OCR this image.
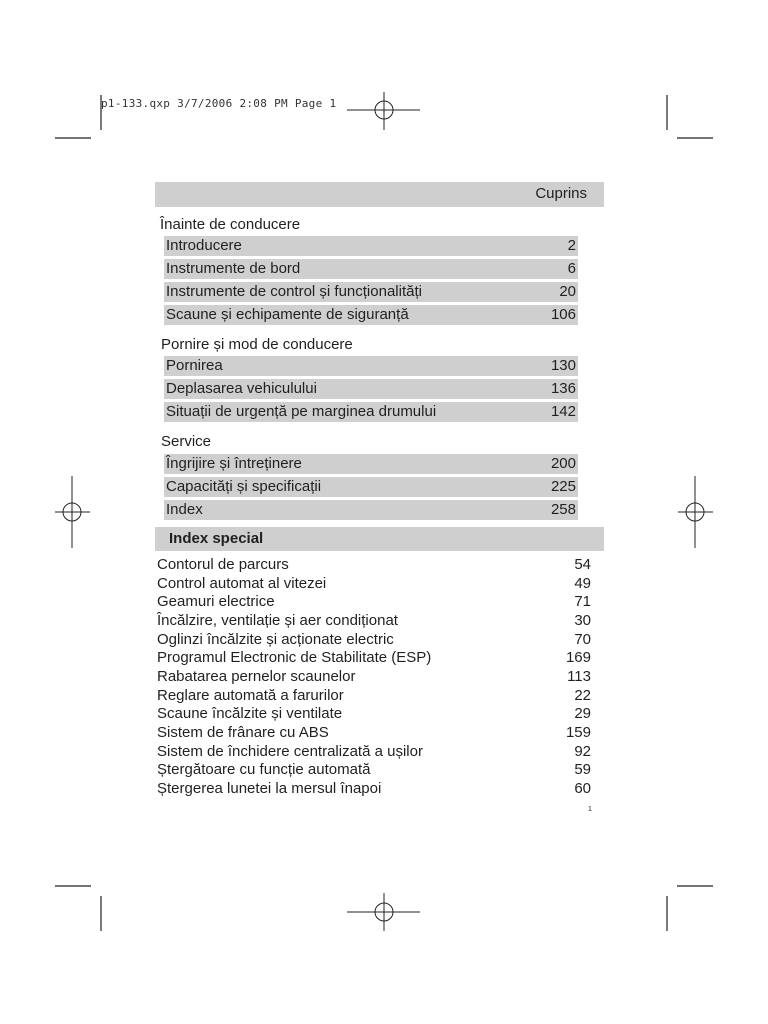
p1-133.qxp 3/7/2006 2:08 PM Page 1
Cuprins
Înainte de conducere
Introducere	2
Instrumente de bord	6
Instrumente de control și funcționalități	20
Scaune și echipamente de siguranță	106
Pornire și mod de conducere
Pornirea	130
Deplasarea vehiculului	136
Situații de urgență pe marginea drumului	142
Service
Îngrijire și întreținere	200
Capacități și specificații	225
Index	258
Index special
Contorul de parcurs	54
Control automat al vitezei	49
Geamuri electrice	71
Încălzire, ventilație și aer condiționat	30
Oglinzi încălzite și acționate electric	70
Programul Electronic de Stabilitate (ESP)	169
Rabatarea pernelor scaunelor	113
Reglare automată a farurilor	22
Scaune încălzite și ventilate	29
Sistem de frânare cu ABS	159
Sistem de închidere centralizată a ușilor	92
Ștergătoare cu funcție automată	59
Ștergerea lunetei la mersul înapoi	60
1
